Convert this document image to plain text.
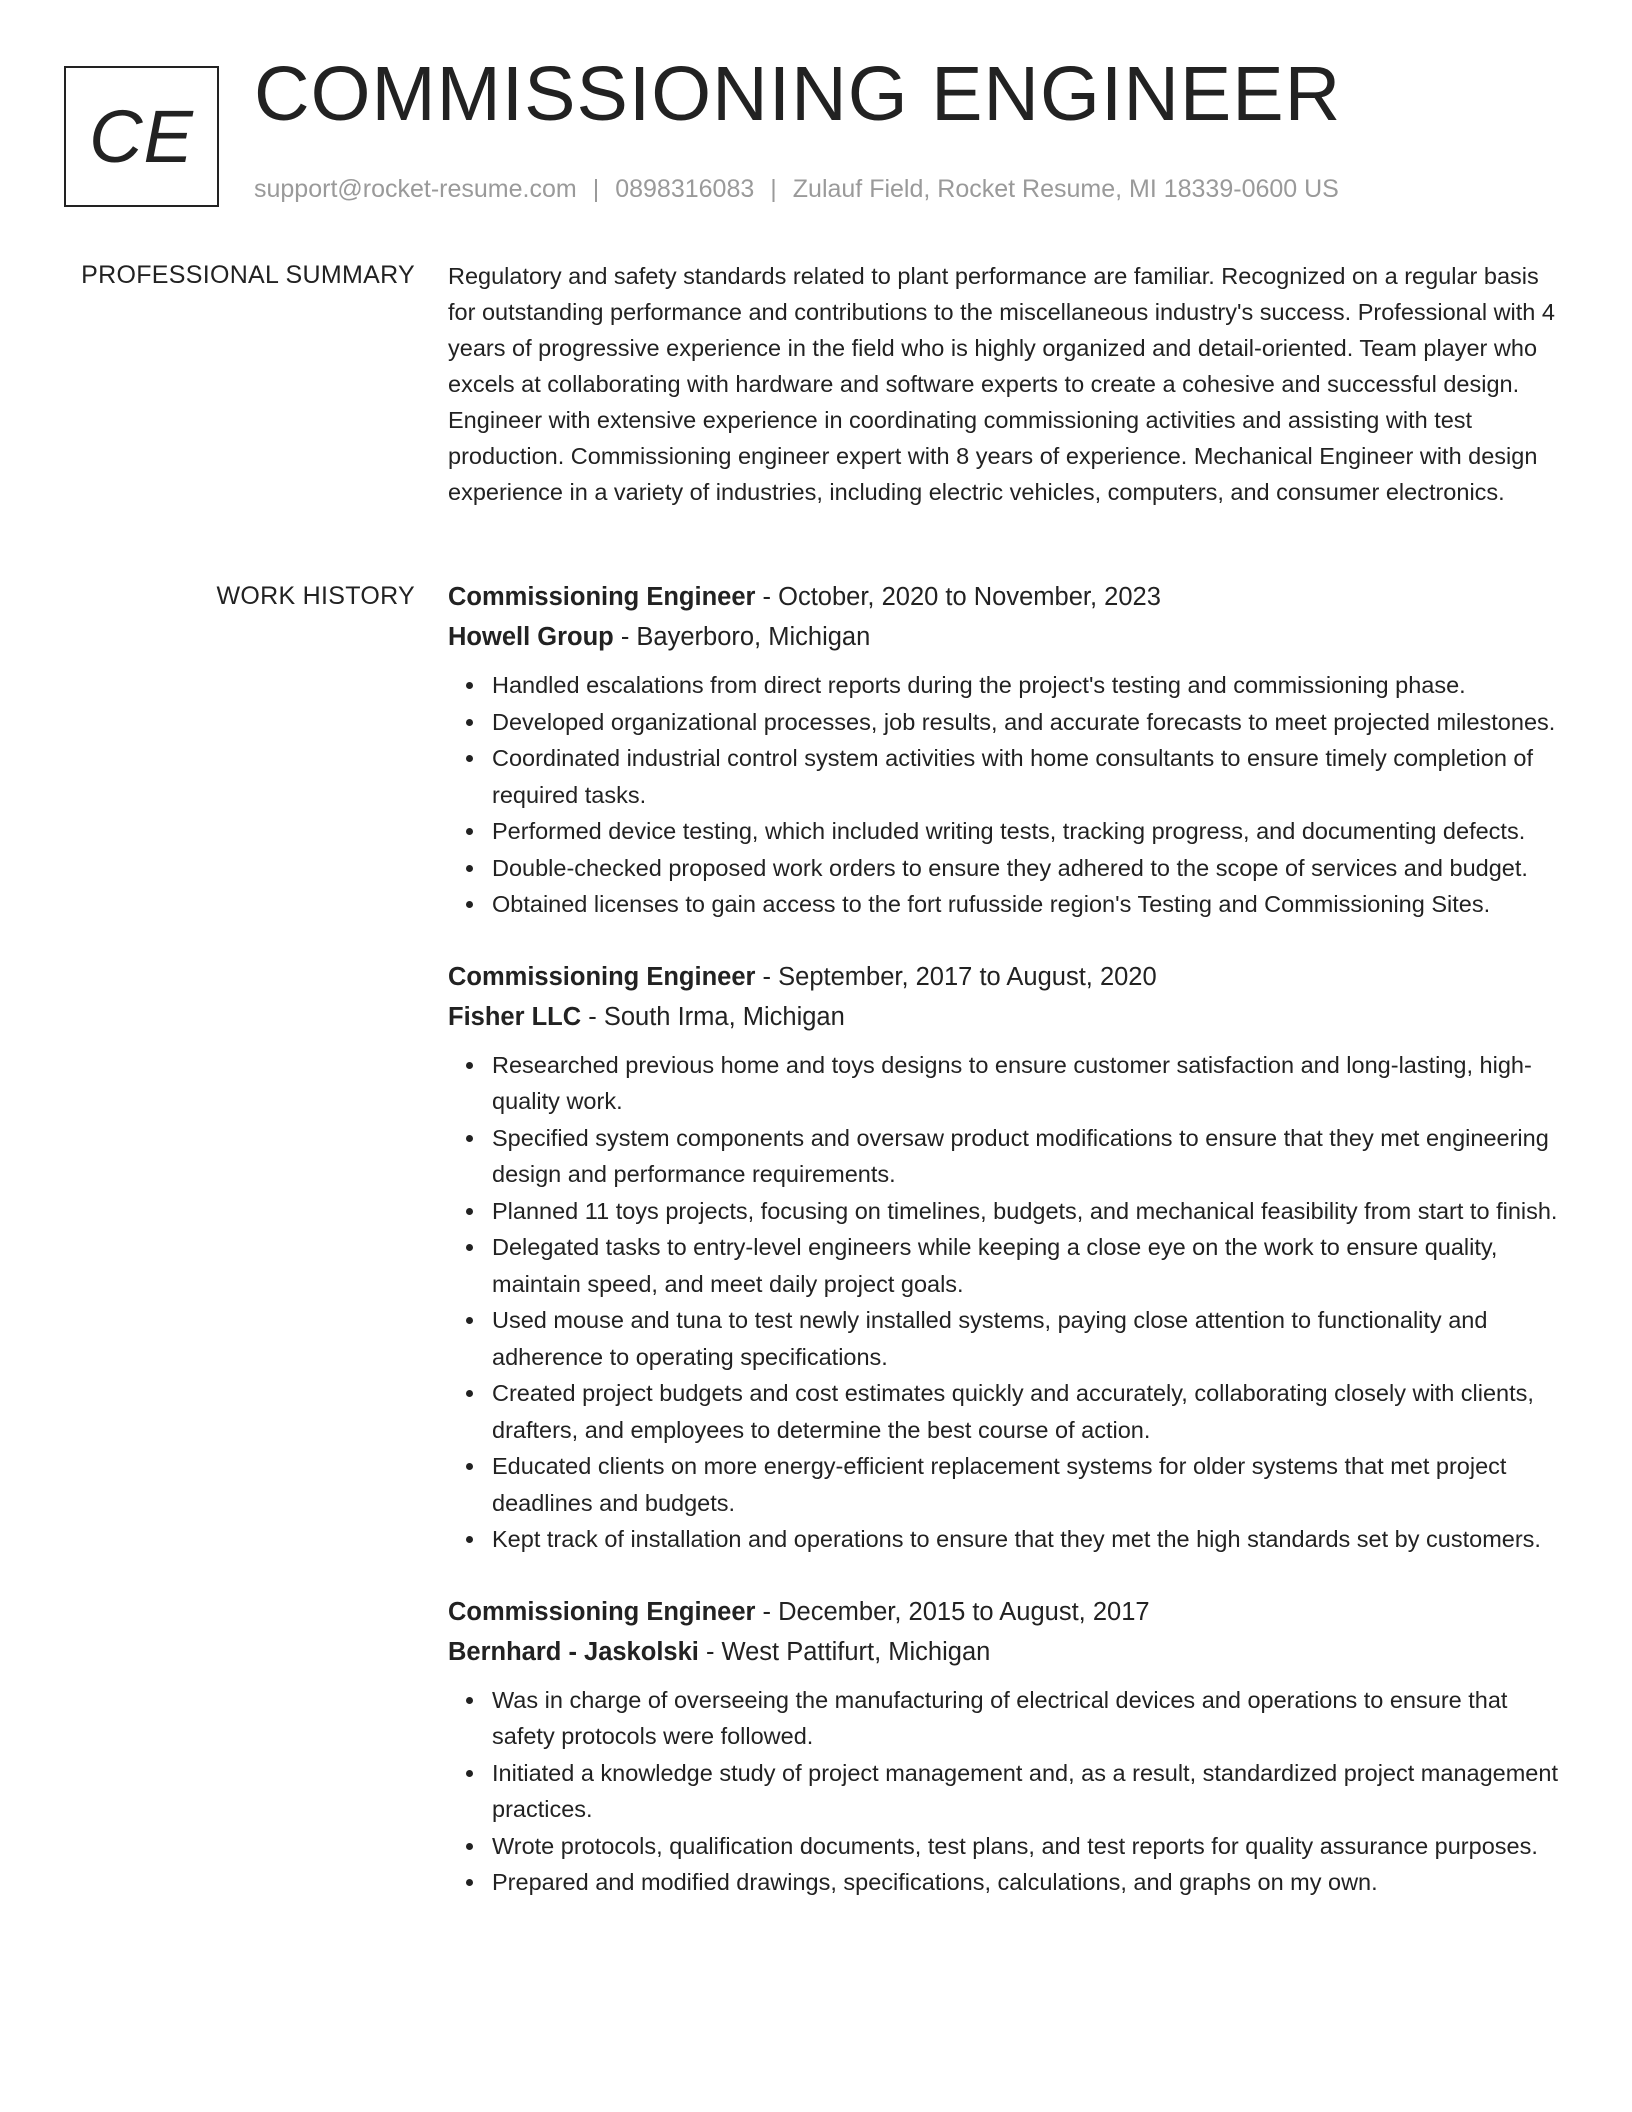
CE COMMISSIONING ENGINEER
support@rocket-resume.com | 0898316083 | Zulauf Field, Rocket Resume, MI 18339-0600 US
PROFESSIONAL SUMMARY Regulatory and safety standards related to plant performance are familiar. Recognized on a regular basis for outstanding performance and contributions to the miscellaneous industry's success. Professional with 4 years of progressive experience in the field who is highly organized and detail-oriented. Team player who excels at collaborating with hardware and software experts to create a cohesive and successful design. Engineer with extensive experience in coordinating commissioning activities and assisting with test production. Commissioning engineer expert with 8 years of experience. Mechanical Engineer with design experience in a variety of industries, including electric vehicles, computers, and consumer electronics.

WORK HISTORY Commissioning Engineer - October, 2020 to November, 2023
Howell Group - Bayerboro, Michigan
Handled escalations from direct reports during the project's testing and commissioning phase.
Developed organizational processes, job results, and accurate forecasts to meet projected milestones.
Coordinated industrial control system activities with home consultants to ensure timely completion of required tasks.
Performed device testing, which included writing tests, tracking progress, and documenting defects.
Double-checked proposed work orders to ensure they adhered to the scope of services and budget.
Obtained licenses to gain access to the fort rufusside region's Testing and Commissioning Sites.
Commissioning Engineer - September, 2017 to August, 2020
Fisher LLC - South Irma, Michigan
Researched previous home and toys designs to ensure customer satisfaction and long-lasting, high-quality work.
Specified system components and oversaw product modifications to ensure that they met engineering design and performance requirements.
Planned 11 toys projects, focusing on timelines, budgets, and mechanical feasibility from start to finish.
Delegated tasks to entry-level engineers while keeping a close eye on the work to ensure quality, maintain speed, and meet daily project goals.
Used mouse and tuna to test newly installed systems, paying close attention to functionality and adherence to operating specifications.
Created project budgets and cost estimates quickly and accurately, collaborating closely with clients, drafters, and employees to determine the best course of action.
Educated clients on more energy-efficient replacement systems for older systems that met project deadlines and budgets.
Kept track of installation and operations to ensure that they met the high standards set by customers.
Commissioning Engineer - December, 2015 to August, 2017
Bernhard - Jaskolski - West Pattifurt, Michigan
Was in charge of overseeing the manufacturing of electrical devices and operations to ensure that safety protocols were followed.
Initiated a knowledge study of project management and, as a result, standardized project management practices.
Wrote protocols, qualification documents, test plans, and test reports for quality assurance purposes.
Prepared and modified drawings, specifications, calculations, and graphs on my own.
